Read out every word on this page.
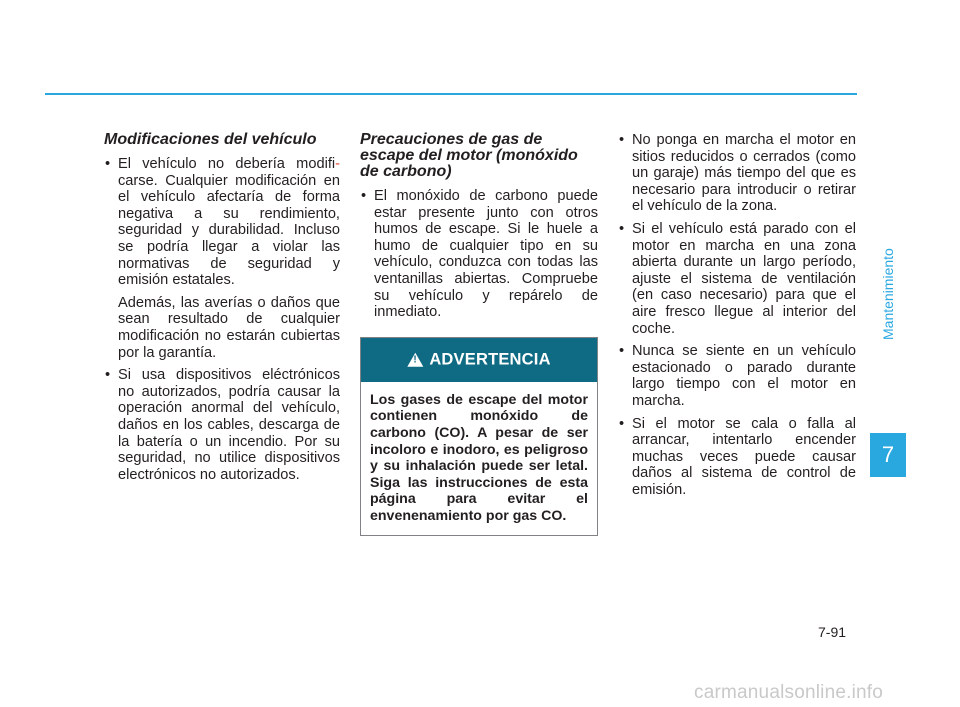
Modificaciones del vehículo
• El vehículo no debería modifi- carse. Cualquier modificación en el vehículo afectaría de forma negativa a su rendimiento, seguridad y durabilidad. Incluso se podría llegar a violar las normativas de seguridad y emisión estatales.

Además, las averías o daños que sean resultado de cualquier modificación no estarán cubiertas por la garantía.

• Si usa dispositivos eléctrónicos no autorizados, podría causar la operación anormal del vehículo, daños en los cables, descarga de la batería o un incendio. Por su seguridad, no utilice dispositivos electrónicos no autorizados.

Precauciones de gas de escape del motor (monóxido de carbono)
• El monóxido de carbono puede estar presente junto con otros humos de escape. Si le huele a humo de cualquier tipo en su vehículo, conduzca con todas las ventanillas abiertas. Compruebe su vehículo y repárelo de inmediato.

!
ADVERTENCIA
Los gases de escape del motor contienen monóxido de carbono (CO). A pesar de ser incoloro e inodoro, es peligroso y su inhalación puede ser letal. Siga las instrucciones de esta página para evitar el envenenamiento por gas CO.
• No ponga en marcha el motor en sitios reducidos o cerrados (como un garaje) más tiempo del que es necesario para introducir o retirar el vehículo de la zona.

• Si el vehículo está parado con el motor en marcha en una zona abierta durante un largo período, ajuste el sistema de ventilación (en caso necesario) para que el aire fresco llegue al interior del coche.

• Nunca se siente en un vehículo estacionado o parado durante largo tiempo con el motor en marcha.

• Si el motor se cala o falla al arrancar, intentarlo encender muchas veces puede causar daños al sistema de control de emisión.

Mantenimiento
7
7-91
carmanualsonline.info
